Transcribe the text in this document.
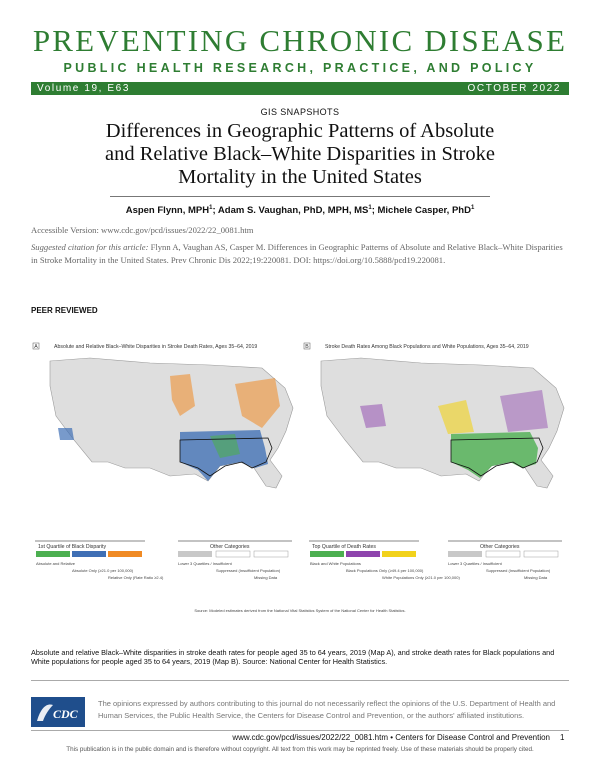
PREVENTING CHRONIC DISEASE
PUBLIC HEALTH RESEARCH, PRACTICE, AND POLICY
Volume 19, E63	OCTOBER 2022
GIS SNAPSHOTS
Differences in Geographic Patterns of Absolute
and Relative Black–White Disparities in Stroke
Mortality in the United States
Aspen Flynn, MPH$^1$; Adam S. Vaughan, PhD, MPH, $MS^1$; Michele Casper, PhD$^1$
Accessible Version: www.cdc.gov/pcd/issues/2022/22_0081.htm
Suggested citation for this article: Flynn A, Vaughan AS, Casper M. Differences in Geographic Patterns of Absolute and Relative Black–White Disparities in Stroke Mortality in the United States. Prev Chronic Dis 2022;19:220081. DOI: https://doi.org/10.5888/pcd19.220081.
PEER REVIEWED
A	Absolute and Relative Black–White Disparities in Stroke Death Rates, Ages 35–64, 2019
1st Quartile of Black Disparity
Absolute and Relative
Absolute Only (≥21.0 per 100,000)
Relative Only (Rate Ratio ≥2.4)
Other Categories
Lower 3 Quartiles / Insufficient
Suppressed (Insufficient Population)
Missing Data
B	Stroke Death Rates Among Black Populations and White Populations, Ages 35–64, 2019
Top Quartile of Death Rates
Black and White Populations
Black Populations Only (≥49.4 per 100,000)
White Populations Only (≥21.0 per 100,000)
Other Categories
Lower 3 Quartiles / Insufficient
Suppressed (Insufficient Population)
Missing Data
Source: Modeled estimates derived from the National Vital Statistics System of the National Center for Health Statistics.
Absolute and relative Black–White disparities in stroke death rates for people aged 35 to 64 years, 2019 (Map A), and stroke death rates for Black populations and White populations for people aged 35 to 64 years, 2019 (Map B). Source: National Center for Health Statistics.
CDC
The opinions expressed by authors contributing to this journal do not necessarily reflect the opinions of the U.S. Department of Health and Human Services, the Public Health Service, the Centers for Disease Control and Prevention, or the authors' affiliated institutions.
www.cdc.gov/pcd/issues/2022/22_0081.htm • Centers for Disease Control and Prevention 1
This publication is in the public domain and is therefore without copyright. All text from this work may be reprinted freely. Use of these materials should be properly cited.
